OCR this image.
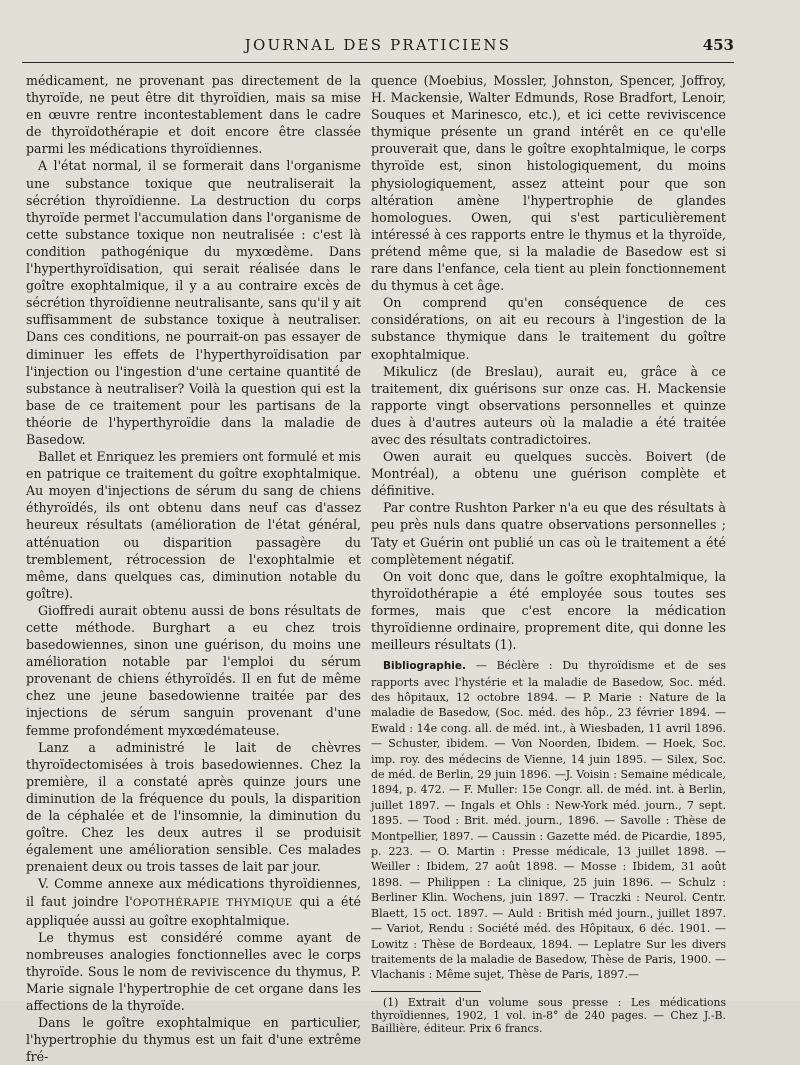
JOURNAL DES PRATICIENS	453

médicament, ne provenant pas directement de la thyroïde, ne peut être dit thyroïdien, mais sa mise en œuvre rentre incontestablement dans le cadre de thyroïdothérapie et doit encore être classée parmi les médications thyroïdiennes.

A l'état normal, il se formerait dans l'organisme une substance toxique que neutraliserait la sécrétion thyroïdienne. La destruction du corps thyroïde permet l'accumulation dans l'organisme de cette substance toxique non neutralisée : c'est là condition pathogénique du myxœdème. Dans l'hyperthyroïdisation, qui serait réalisée dans le goître exophtalmique, il y a au contraire excès de sécrétion thyroïdienne neutralisante, sans qu'il y ait suffisamment de substance toxique à neutraliser. Dans ces conditions, ne pourrait-on pas essayer de diminuer les effets de l'hyperthyroïdisation par l'injection ou l'ingestion d'une certaine quantité de substance à neutraliser? Voilà la question qui est la base de ce traitement pour les partisans de la théorie de l'hyperthyroïdie dans la maladie de Basedow.

Ballet et Enriquez les premiers ont formulé et mis en patrique ce traitement du goître exophtalmique. Au moyen d'injections de sérum du sang de chiens éthyroïdés, ils ont obtenu dans neuf cas d'assez heureux résultats (amélioration de l'état général, atténuation ou disparition passagère du tremblement, rétrocession de l'exophtalmie et même, dans quelques cas, diminution notable du goître).

Gioffredi aurait obtenu aussi de bons résultats de cette méthode. Burghart a eu chez trois basedowiennes, sinon une guérison, du moins une amélioration notable par l'emploi du sérum provenant de chiens éthyroïdés. Il en fut de même chez une jeune basedowienne traitée par des injections de sérum sanguin provenant d'une femme profondément myxœdémateuse.

Lanz a administré le lait de chèvres thyroïdectomisées à trois basedowiennes. Chez la première, il a constaté après quinze jours une diminution de la fréquence du pouls, la disparition de la céphalée et de l'insomnie, la diminution du goître. Chez les deux autres il se produisit également une amélioration sensible. Ces malades prenaient deux ou trois tasses de lait par jour.

V. Comme annexe aux médications thyroïdiennes, il faut joindre l'OPOTHÉRAPIE THYMIQUE qui a été appliquée aussi au goître exophtalmique.

Le thymus est considéré comme ayant de nombreuses analogies fonctionnelles avec le corps thyroïde. Sous le nom de reviviscence du thymus, P. Marie signale l'hypertrophie de cet organe dans les affections de la thyroïde.

Dans le goître exophtalmique en particulier, l'hypertrophie du thymus est un fait d'une extrême fré-

quence (Moebius, Mossler, Johnston, Spencer, Joffroy, H. Mackensie, Walter Edmunds, Rose Bradfort, Lenoir, Souques et Marinesco, etc.), et ici cette reviviscence thymique présente un grand intérêt en ce qu'elle prouverait que, dans le goître exophtalmique, le corps thyroïde est, sinon histologiquement, du moins physiologiquement, assez atteint pour que son altération amène l'hypertrophie de glandes homologues. Owen, qui s'est particulièrement intéressé à ces rapports entre le thymus et la thyroïde, prétend même que, si la maladie de Basedow est si rare dans l'enfance, cela tient au plein fonctionnement du thymus à cet âge.

On comprend qu'en conséquence de ces considérations, on ait eu recours à l'ingestion de la substance thymique dans le traitement du goître exophtalmique.

Mikulicz (de Breslau), aurait eu, grâce à ce traitement, dix guérisons sur onze cas. H. Mackensie rapporte vingt observations personnelles et quinze dues à d'autres auteurs où la maladie a été traitée avec des résultats contradictoires.

Owen aurait eu quelques succès. Boivert (de Montréal), a obtenu une guérison complète et définitive.

Par contre Rushton Parker n'a eu que des résultats à peu près nuls dans quatre observations personnelles ; Taty et Guérin ont publié un cas où le traitement a été complètement négatif.

On voit donc que, dans le goître exophtalmique, la thyroïdothérapie a été employée sous toutes ses formes, mais que c'est encore la médication thyroïdienne ordinaire, proprement dite, qui donne les meilleurs résultats (1).

Bibliographie. — Béclère : Du thyroïdisme et de ses rapports avec l'hystérie et la maladie de Basedow, Soc. méd. des hôpitaux, 12 octobre 1894. — P. Marie : Nature de la maladie de Basedow, (Soc. méd. des hôp., 23 février 1894. — Ewald : 14e cong. all. de méd. int., à Wiesbaden, 11 avril 1896. — Schuster, ibidem. — Von Noorden, Ibidem. — Hoek, Soc. imp. roy. des médecins de Vienne, 14 juin 1895. — Silex, Soc. de méd. de Berlin, 29 juin 1896. —J. Voisin : Semaine médicale, 1894, p. 472. — F. Muller: 15e Congr. all. de méd. int. à Berlin, juillet 1897. — Ingals et Ohls : New-York méd. journ., 7 sept. 1895. — Tood : Brit. méd. journ., 1896. — Savolle : Thèse de Montpellier, 1897. — Caussin : Gazette méd. de Picardie, 1895, p. 223. — O. Martin : Presse médicale, 13 juillet 1898. — Weiller : Ibidem, 27 août 1898. — Mosse : Ibidem, 31 août 1898. — Philippen : La clinique, 25 juin 1896. — Schulz : Berliner Klin. Wochens, juin 1897. — Traczki : Neurol. Centr. Blaett, 15 oct. 1897. — Auld : British méd journ., juillet 1897. — Variot, Rendu : Société méd. des Hôpitaux, 6 déc. 1901. — Lowitz : Thèse de Bordeaux, 1894. — Leplatre Sur les divers traitements de la maladie de Basedow, Thèse de Paris, 1900. — Vlachanis : Même sujet, Thèse de Paris, 1897.—
(1) Extrait d'un volume sous presse : Les médications thyroïdiennes, 1902, 1 vol. in-8° de 240 pages. — Chez J.-B. Baillière, éditeur. Prix 6 francs.
